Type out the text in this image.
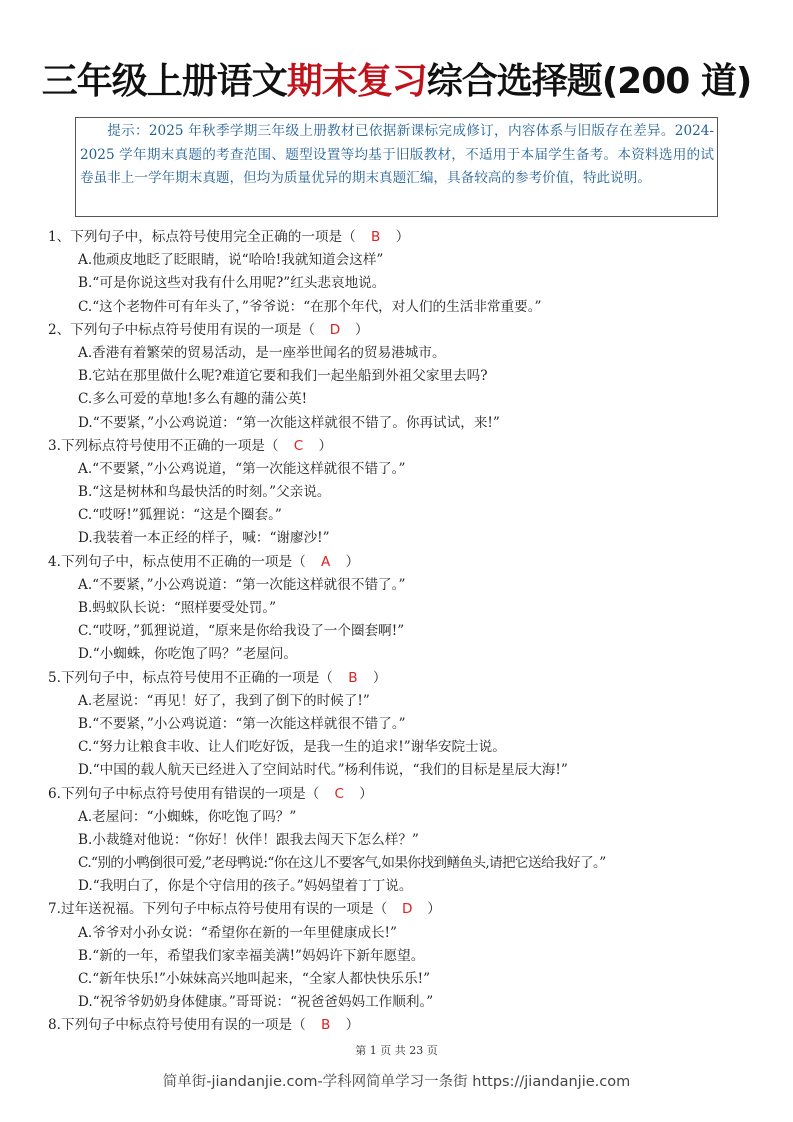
三年级上册语文期末复习综合选择题(200 道)
提示：2025 年秋季学期三年级上册教材已依据新课标完成修订，内容体系与旧版存在差异。2024-2025 学年期末真题的考查范围、题型设置等均基于旧版教材，不适用于本届学生备考。本资料选用的试卷虽非上一学年期末真题，但均为质量优异的期末真题汇编，具备较高的参考价值，特此说明。
1、下列句子中，标点符号使用完全正确的一项是（ B ）
A.他顽皮地眨了眨眼睛，说“哈哈!我就知道会这样”
B.“可是你说这些对我有什么用呢?”红头悲哀地说。
C.“这个老物件可有年头了，”爷爷说：“在那个年代，对人们的生活非常重要。”
2、下列句子中标点符号使用有误的一项是（ D ）
A.香港有着繁荣的贸易活动，是一座举世闻名的贸易港城市。
B.它站在那里做什么呢?难道它要和我们一起坐船到外祖父家里去吗?
C.多么可爱的草地!多么有趣的蒲公英!
D.“不要紧，”小公鸡说道：“第一次能这样就很不错了。你再试试，来!”
3.下列标点符号使用不正确的一项是（ C ）
A.“不要紧，”小公鸡说道，“第一次能这样就很不错了。”
B.“这是树林和鸟最快活的时刻。”父亲说。
C.“哎呀!”狐狸说：“这是个圈套。”
D.我装着一本正经的样子，喊：“谢廖沙!”
4.下列句子中，标点使用不正确的一项是（ A ）
A.“不要紧，”小公鸡说道：“第一次能这样就很不错了。”
B.蚂蚁队长说：“照样要受处罚。”
C.“哎呀，”狐狸说道，“原来是你给我设了一个圈套啊!”
D.“小蜘蛛，你吃饱了吗？”老屋问。
5.下列句子中，标点符号使用不正确的一项是（ B ）
A.老屋说：“再见！好了，我到了倒下的时候了!”
B.“不要紧，”小公鸡说道：“第一次能这样就很不错了。”
C.“努力让粮食丰收、让人们吃好饭，是我一生的追求!”谢华安院士说。
D.“中国的载人航天已经进入了空间站时代。”杨利伟说，“我们的目标是星辰大海!”
6.下列句子中标点符号使用有错误的一项是（ C ）
A.老屋问：“小蜘蛛，你吃饱了吗？”
B.小裁缝对他说：“你好！伙伴！跟我去闯天下怎么样？”
C.“别的小鸭倒很可爱,”老母鸭说:“你在这儿不要客气,如果你找到鳝鱼头,请把它送给我好了。”
D.“我明白了，你是个守信用的孩子。”妈妈望着丁丁说。
7.过年送祝福。下列句子中标点符号使用有误的一项是（ D ）
A.爷爷对小孙女说：“希望你在新的一年里健康成长!”
B.“新的一年，希望我们家幸福美满!”妈妈许下新年愿望。
C.“新年快乐!”小妹妹高兴地叫起来，“全家人都快快乐乐!”
D.“祝爷爷奶奶身体健康。”哥哥说：“祝爸爸妈妈工作顺利。”
8.下列句子中标点符号使用有误的一项是（ B ）
第 1 页 共 23 页
简单街-jiandanjie.com-学科网简单学习一条街 https://jiandanjie.com
